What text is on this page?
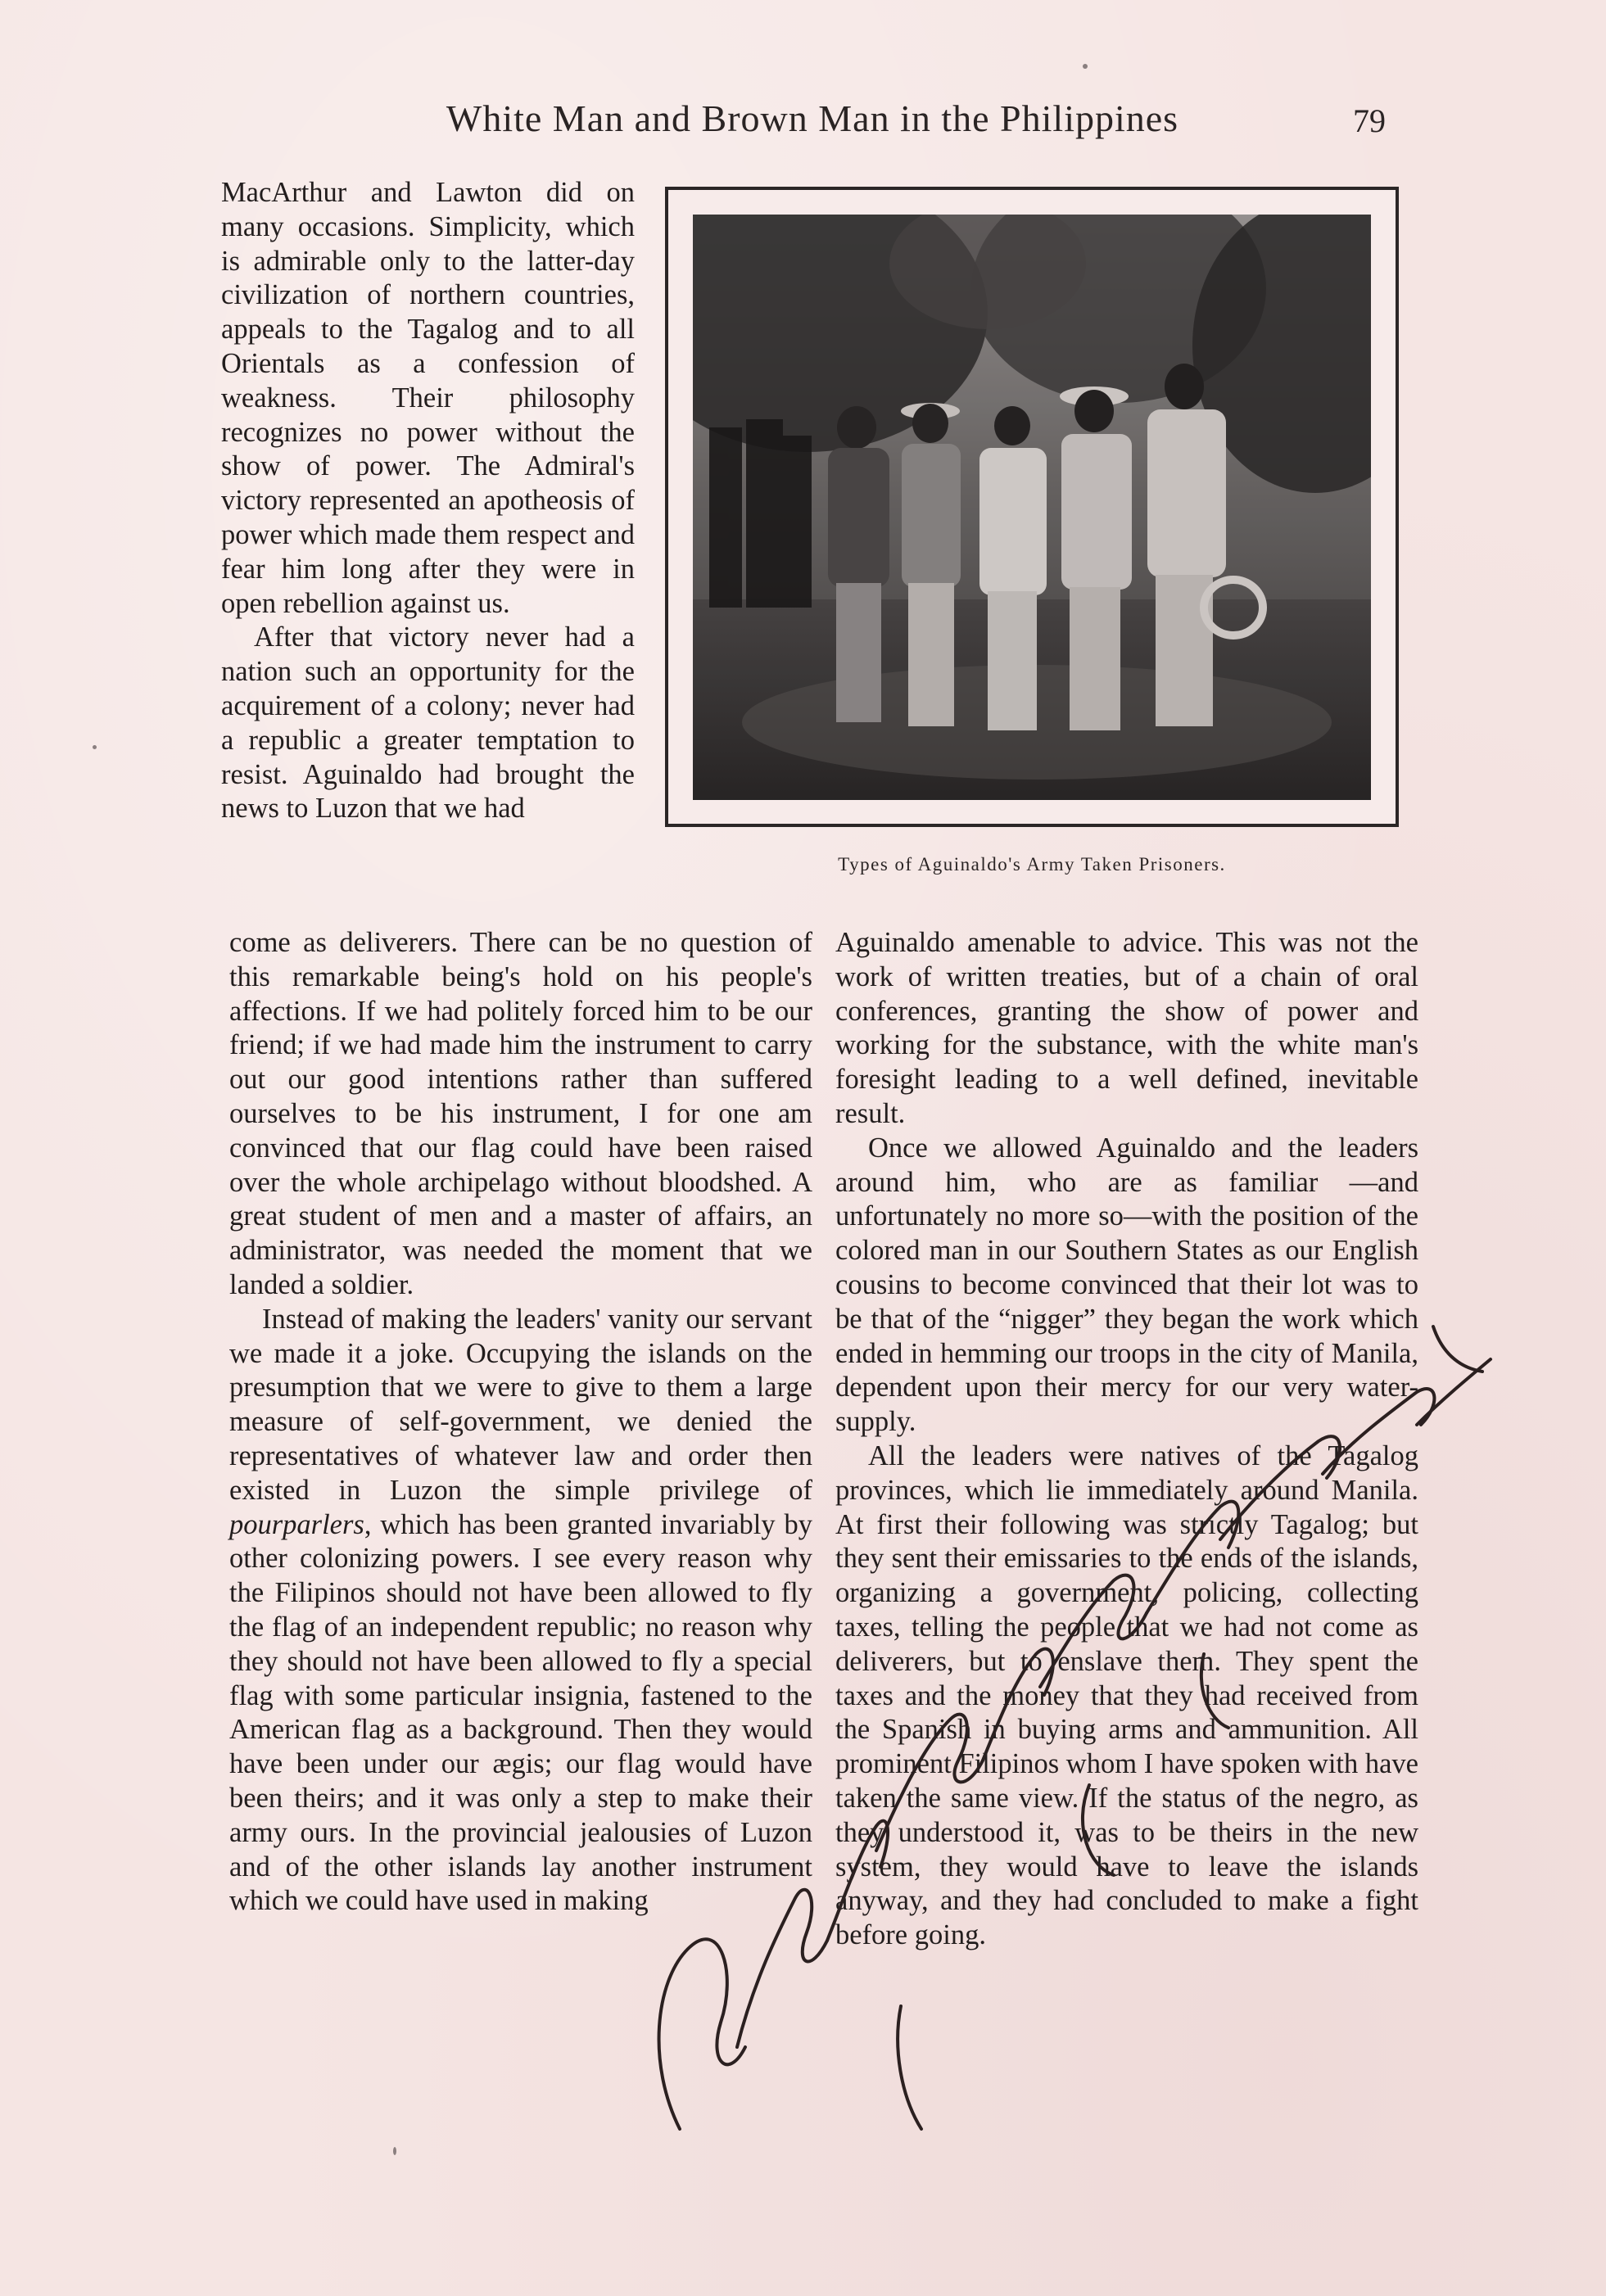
White Man and Brown Man in the Philippines	79

MacArthur and Lawton did on many occasions. Simplicity, which is admirable only to the latter-day civilization of northern countries, appeals to the Tagalog and to all Orientals as a confession of weakness. Their philosophy recognizes no power without the show of power. The Admiral's victory represented an apotheosis of power which made them respect and fear him long after they were in open rebellion against us.

After that victory never had a nation such an opportunity for the acquirement of a colony; never had a republic a greater temptation to resist. Aguinaldo had brought the news to Luzon that we had

Types of Aguinaldo's Army Taken Prisoners.

come as deliverers. There can be no question of this remarkable being's hold on his people's affections. If we had politely forced him to be our friend; if we had made him the instrument to carry out our good intentions rather than suffered ourselves to be his instrument, I for one am convinced that our flag could have been raised over the whole archipelago without bloodshed. A great student of men and a master of affairs, an administrator, was needed the moment that we landed a soldier.

Instead of making the leaders' vanity our servant we made it a joke. Occupying the islands on the presumption that we were to give to them a large measure of self-government, we denied the representatives of whatever law and order then existed in Luzon the simple privilege of pourparlers, which has been granted invariably by other colonizing powers. I see every reason why the Filipinos should not have been allowed to fly the flag of an independent republic; no reason why they should not have been allowed to fly a special flag with some particular insignia, fastened to the American flag as a background. Then they would have been under our ægis; our flag would have been theirs; and it was only a step to make their army ours. In the provincial jealousies of Luzon and of the other islands lay another instrument which we could have used in making

Aguinaldo amenable to advice. This was not the work of written treaties, but of a chain of oral conferences, granting the show of power and working for the substance, with the white man's foresight leading to a well defined, inevitable result.

Once we allowed Aguinaldo and the leaders around him, who are as familiar —and unfortunately no more so—with the position of the colored man in our Southern States as our English cousins to become convinced that their lot was to be that of the “nigger” they began the work which ended in hemming our troops in the city of Manila, dependent upon their mercy for our very water-supply.

All the leaders were natives of the Tagalog provinces, which lie immediately around Manila. At first their following was strictly Tagalog; but they sent their emissaries to the ends of the islands, organizing a government, policing, collecting taxes, telling the people that we had not come as deliverers, but to enslave them. They spent the taxes and the money that they had received from the Spanish in buying arms and ammunition. All prominent Filipinos whom I have spoken with have taken the same view. If the status of the negro, as they understood it, was to be theirs in the new system, they would have to leave the islands anyway, and they had concluded to make a fight before going.
